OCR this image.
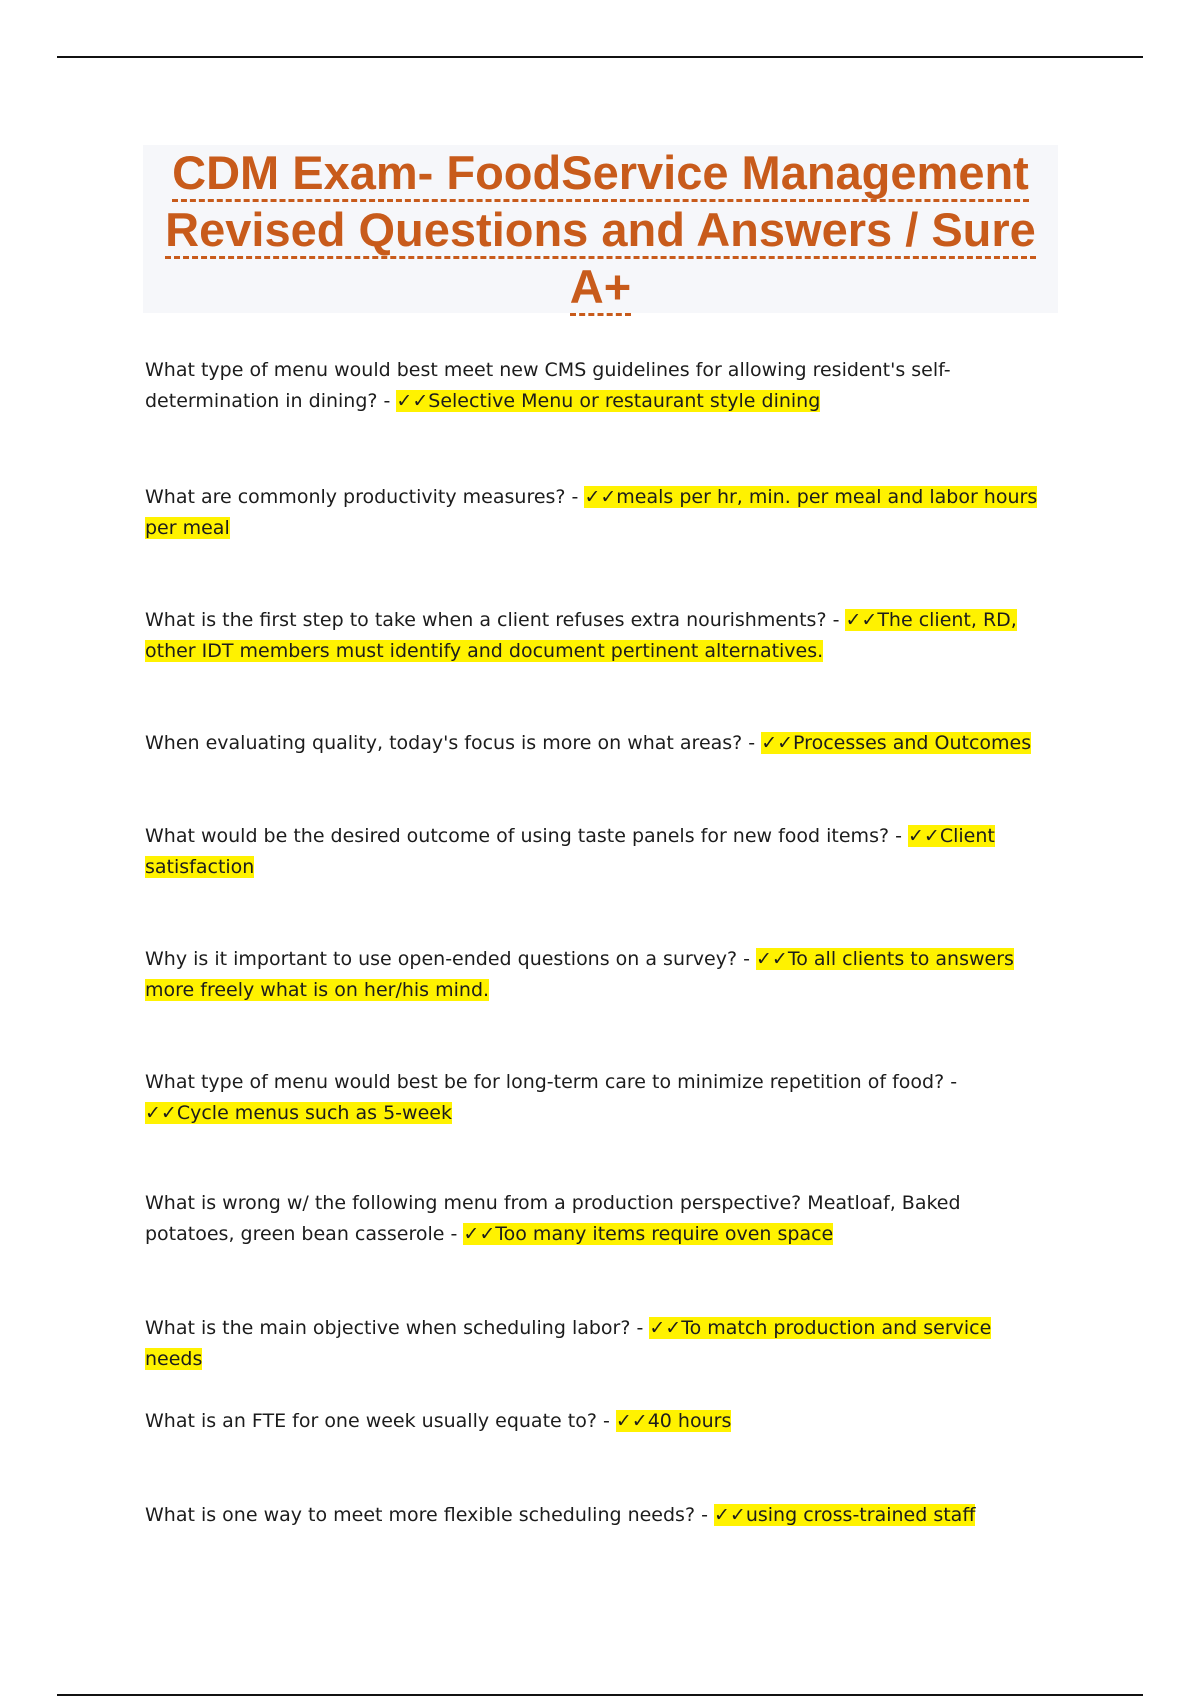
CDM Exam- FoodService Management
Revised Questions and Answers / Sure
A+
What type of menu would best meet new CMS guidelines for allowing resident's self-determination in dining? - ✓✓Selective Menu or restaurant style dining
What are commonly productivity measures? - ✓✓meals per hr, min. per meal and labor hours per meal
What is the first step to take when a client refuses extra nourishments? - ✓✓The client, RD, other IDT members must identify and document pertinent alternatives.
When evaluating quality, today's focus is more on what areas? - ✓✓Processes and Outcomes
What would be the desired outcome of using taste panels for new food items? - ✓✓Client satisfaction
Why is it important to use open-ended questions on a survey? - ✓✓To all clients to answers more freely what is on her/his mind.
What type of menu would best be for long-term care to minimize repetition of food? - ✓✓Cycle menus such as 5-week
What is wrong w/ the following menu from a production perspective? Meatloaf, Baked potatoes, green bean casserole - ✓✓Too many items require oven space
What is the main objective when scheduling labor? - ✓✓To match production and service needs
What is an FTE for one week usually equate to? - ✓✓40 hours
What is one way to meet more flexible scheduling needs? - ✓✓using cross-trained staff
